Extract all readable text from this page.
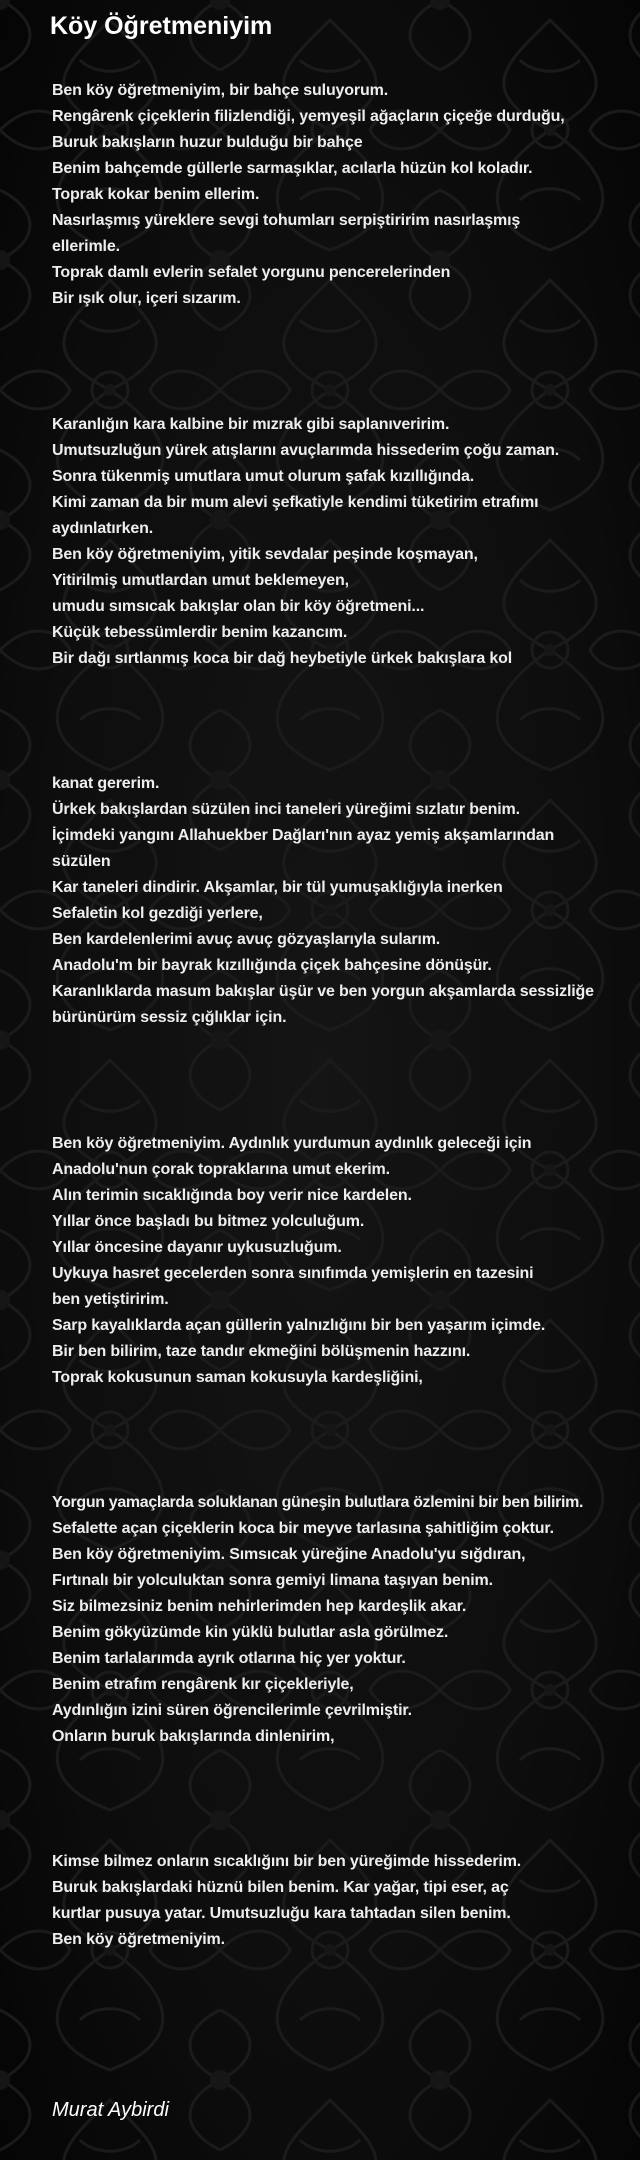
Köy Öğretmeniyim
Ben köy öğretmeniyim, bir bahçe suluyorum.
Rengârenk çiçeklerin filizlendiği, yemyeşil ağaçların çiçeğe durduğu,
Buruk bakışların huzur bulduğu bir bahçe
Benim bahçemde güllerle sarmaşıklar, acılarla hüzün kol koladır.
Toprak kokar benim ellerim.
Nasırlaşmış yüreklere sevgi tohumları serpiştiririm nasırlaşmış
ellerimle.
Toprak damlı evlerin sefalet yorgunu pencerelerinden
Bir ışık olur, içeri sızarım.
Karanlığın kara kalbine bir mızrak gibi saplanıveririm.
Umutsuzluğun yürek atışlarını avuçlarımda hissederim çoğu zaman.
Sonra tükenmiş umutlara umut olurum şafak kızıllığında.
Kimi zaman da bir mum alevi şefkatiyle kendimi tüketirim etrafımı
aydınlatırken.
Ben köy öğretmeniyim, yitik sevdalar peşinde koşmayan,
Yitirilmiş umutlardan umut beklemeyen,
umudu sımsıcak bakışlar olan bir köy öğretmeni...
Küçük tebessümlerdir benim kazancım.
Bir dağı sırtlanmış koca bir dağ heybetiyle ürkek bakışlara kol
kanat gererim.
Ürkek bakışlardan süzülen inci taneleri yüreğimi sızlatır benim.
İçimdeki yangını Allahuekber Dağları'nın ayaz yemiş akşamlarından
süzülen
Kar taneleri dindirir. Akşamlar, bir tül yumuşaklığıyla inerken
Sefaletin kol gezdiği yerlere,
Ben kardelenlerimi avuç avuç gözyaşlarıyla sularım.
Anadolu'm bir bayrak kızıllığında çiçek bahçesine dönüşür.
Karanlıklarda masum bakışlar üşür ve ben yorgun akşamlarda sessizliğe
bürünürüm sessiz çığlıklar için.
Ben köy öğretmeniyim. Aydınlık yurdumun aydınlık geleceği için
Anadolu'nun çorak topraklarına umut ekerim.
Alın terimin sıcaklığında boy verir nice kardelen.
Yıllar önce başladı bu bitmez yolculuğum.
Yıllar öncesine dayanır uykusuzluğum.
Uykuya hasret gecelerden sonra sınıfımda yemişlerin en tazesini
ben yetiştiririm.
Sarp kayalıklarda açan güllerin yalnızlığını bir ben yaşarım içimde.
Bir ben bilirim, taze tandır ekmeğini bölüşmenin hazzını.
Toprak kokusunun saman kokusuyla kardeşliğini,
Yorgun yamaçlarda soluklanan güneşin bulutlara özlemini bir ben bilirim.
Sefalette açan çiçeklerin koca bir meyve tarlasına şahitliğim çoktur.
Ben köy öğretmeniyim. Sımsıcak yüreğine Anadolu'yu sığdıran,
Fırtınalı bir yolculuktan sonra gemiyi limana taşıyan benim.
Siz bilmezsiniz benim nehirlerimden hep kardeşlik akar.
Benim gökyüzümde kin yüklü bulutlar asla görülmez.
Benim tarlalarımda ayrık otlarına hiç yer yoktur.
Benim etrafım rengârenk kır çiçekleriyle,
Aydınlığın izini süren öğrencilerimle çevrilmiştir.
Onların buruk bakışlarında dinlenirim,
Kimse bilmez onların sıcaklığını bir ben yüreğimde hissederim.
Buruk bakışlardaki hüznü bilen benim. Kar yağar, tipi eser, aç
kurtlar pusuya yatar. Umutsuzluğu kara tahtadan silen benim.
Ben köy öğretmeniyim.

Murat Aybirdi
